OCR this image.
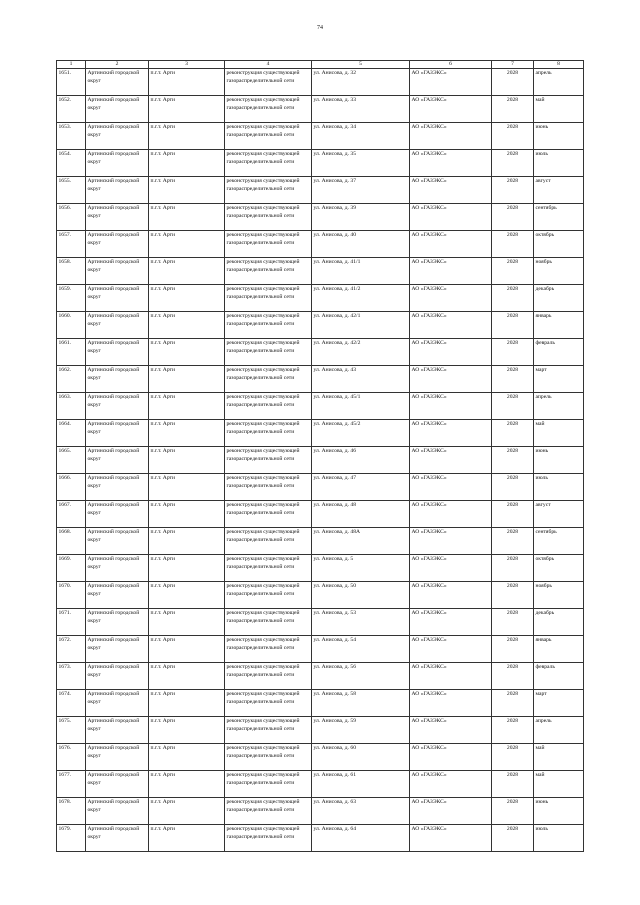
74
1	2	3	4	5	6	7	8
1651.	Артинский городской округ	п.г.т. Арти	реконструкция существующей газораспределительной сети	ул. Анисова, д. 32	АО «ГАЗЭКС»	2028	апрель
1652.	Артинский городской округ	п.г.т. Арти	реконструкция существующей газораспределительной сети	ул. Анисова, д. 33	АО «ГАЗЭКС»	2028	май
1653.	Артинский городской округ	п.г.т. Арти	реконструкция существующей газораспределительной сети	ул. Анисова, д. 34	АО «ГАЗЭКС»	2028	июнь
1654.	Артинский городской округ	п.г.т. Арти	реконструкция существующей газораспределительной сети	ул. Анисова, д. 35	АО «ГАЗЭКС»	2028	июль
1655.	Артинский городской округ	п.г.т. Арти	реконструкция существующей газораспределительной сети	ул. Анисова, д. 37	АО «ГАЗЭКС»	2028	август
1656.	Артинский городской округ	п.г.т. Арти	реконструкция существующей газораспределительной сети	ул. Анисова, д. 39	АО «ГАЗЭКС»	2028	сентябрь
1657.	Артинский городской округ	п.г.т. Арти	реконструкция существующей газораспределительной сети	ул. Анисова, д. 40	АО «ГАЗЭКС»	2028	октябрь
1658.	Артинский городской округ	п.г.т. Арти	реконструкция существующей газораспределительной сети	ул. Анисова, д. 41/1	АО «ГАЗЭКС»	2028	ноябрь
1659.	Артинский городской округ	п.г.т. Арти	реконструкция существующей газораспределительной сети	ул. Анисова, д. 41/2	АО «ГАЗЭКС»	2028	декабрь
1660.	Артинский городской округ	п.г.т. Арти	реконструкция существующей газораспределительной сети	ул. Анисова, д. 42/1	АО «ГАЗЭКС»	2028	январь
1661.	Артинский городской округ	п.г.т. Арти	реконструкция существующей газораспределительной сети	ул. Анисова, д. 42/2	АО «ГАЗЭКС»	2028	февраль
1662.	Артинский городской округ	п.г.т. Арти	реконструкция существующей газораспределительной сети	ул. Анисова, д. 43	АО «ГАЗЭКС»	2028	март
1663.	Артинский городской округ	п.г.т. Арти	реконструкция существующей газораспределительной сети	ул. Анисова, д. 45/1	АО «ГАЗЭКС»	2028	апрель
1664.	Артинский городской округ	п.г.т. Арти	реконструкция существующей газораспределительной сети	ул. Анисова, д. 45/2	АО «ГАЗЭКС»	2028	май
1665.	Артинский городской округ	п.г.т. Арти	реконструкция существующей газораспределительной сети	ул. Анисова, д. 46	АО «ГАЗЭКС»	2028	июнь
1666.	Артинский городской округ	п.г.т. Арти	реконструкция существующей газораспределительной сети	ул. Анисова, д. 47	АО «ГАЗЭКС»	2028	июль
1667.	Артинский городской округ	п.г.т. Арти	реконструкция существующей газораспределительной сети	ул. Анисова, д. 48	АО «ГАЗЭКС»	2028	август
1668.	Артинский городской округ	п.г.т. Арти	реконструкция существующей газораспределительной сети	ул. Анисова, д. 48А	АО «ГАЗЭКС»	2028	сентябрь
1669.	Артинский городской округ	п.г.т. Арти	реконструкция существующей газораспределительной сети	ул. Анисова, д. 5	АО «ГАЗЭКС»	2028	октябрь
1670.	Артинский городской округ	п.г.т. Арти	реконструкция существующей газораспределительной сети	ул. Анисова, д. 50	АО «ГАЗЭКС»	2028	ноябрь
1671.	Артинский городской округ	п.г.т. Арти	реконструкция существующей газораспределительной сети	ул. Анисова, д. 53	АО «ГАЗЭКС»	2028	декабрь
1672.	Артинский городской округ	п.г.т. Арти	реконструкция существующей газораспределительной сети	ул. Анисова, д. 54	АО «ГАЗЭКС»	2028	январь
1673.	Артинский городской округ	п.г.т. Арти	реконструкция существующей газораспределительной сети	ул. Анисова, д. 56	АО «ГАЗЭКС»	2028	февраль
1674.	Артинский городской округ	п.г.т. Арти	реконструкция существующей газораспределительной сети	ул. Анисова, д. 58	АО «ГАЗЭКС»	2028	март
1675.	Артинский городской округ	п.г.т. Арти	реконструкция существующей газораспределительной сети	ул. Анисова, д. 59	АО «ГАЗЭКС»	2028	апрель
1676.	Артинский городской округ	п.г.т. Арти	реконструкция существующей газораспределительной сети	ул. Анисова, д. 60	АО «ГАЗЭКС»	2028	май
1677.	Артинский городской округ	п.г.т. Арти	реконструкция существующей газораспределительной сети	ул. Анисова, д. 61	АО «ГАЗЭКС»	2028	май
1678.	Артинский городской округ	п.г.т. Арти	реконструкция существующей газораспределительной сети	ул. Анисова, д. 63	АО «ГАЗЭКС»	2028	июнь
1679.	Артинский городской округ	п.г.т. Арти	реконструкция существующей газораспределительной сети	ул. Анисова, д. 64	АО «ГАЗЭКС»	2028	июль
